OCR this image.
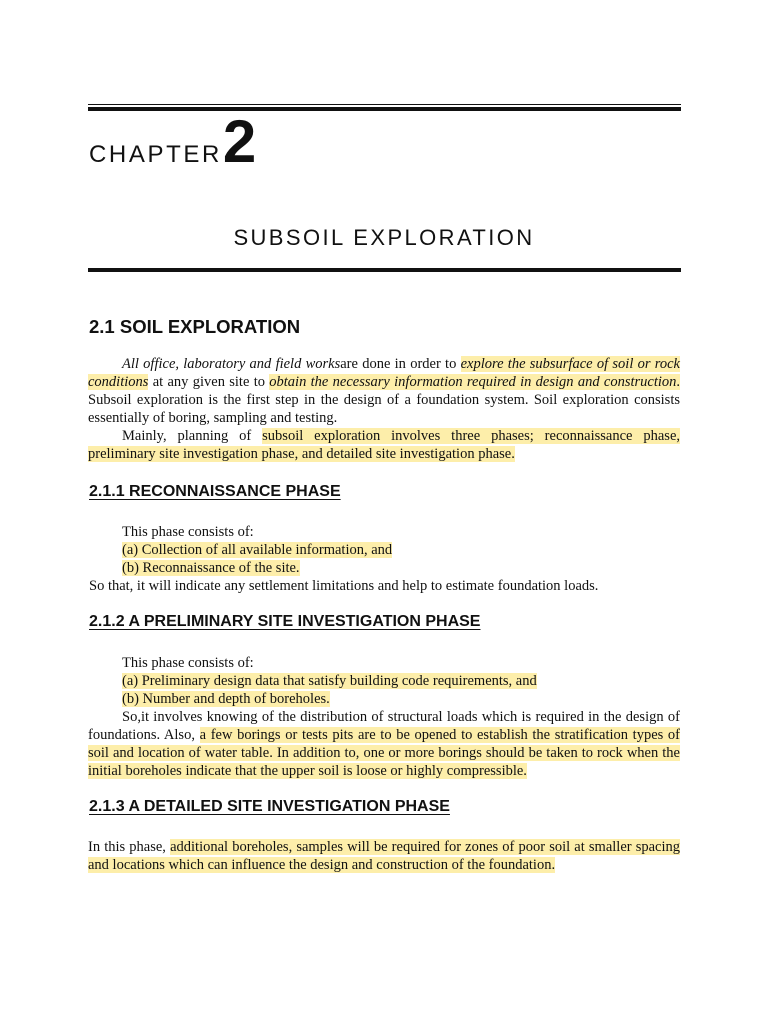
CHAPTER2
SUBSOIL EXPLORATION
2.1 SOIL EXPLORATION
All office, laboratory and field worksare done in order to explore the subsurface of soil or rock conditions at any given site to obtain the necessary information required in design and construction. Subsoil exploration is the first step in the design of a foundation system. Soil exploration consists essentially of boring, sampling and testing.
Mainly, planning of subsoil exploration involves three phases; reconnaissance phase, preliminary site investigation phase, and detailed site investigation phase.
2.1.1 RECONNAISSANCE PHASE
This phase consists of:
(a) Collection of all available information, and
(b) Reconnaissance of the site.
So that, it will indicate any settlement limitations and help to estimate foundation loads.
2.1.2 A PRELIMINARY SITE INVESTIGATION PHASE
This phase consists of:
(a) Preliminary design data that satisfy building code requirements, and
(b) Number and depth of boreholes.
So,it involves knowing of the distribution of structural loads which is required in the design of foundations. Also, a few borings or tests pits are to be opened to establish the stratification types of soil and location of water table. In addition to, one or more borings should be taken to rock when the initial boreholes indicate that the upper soil is loose or highly compressible.
2.1.3 A DETAILED SITE INVESTIGATION PHASE
In this phase, additional boreholes, samples will be required for zones of poor soil at smaller spacing and locations which can influence the design and construction of the foundation.
